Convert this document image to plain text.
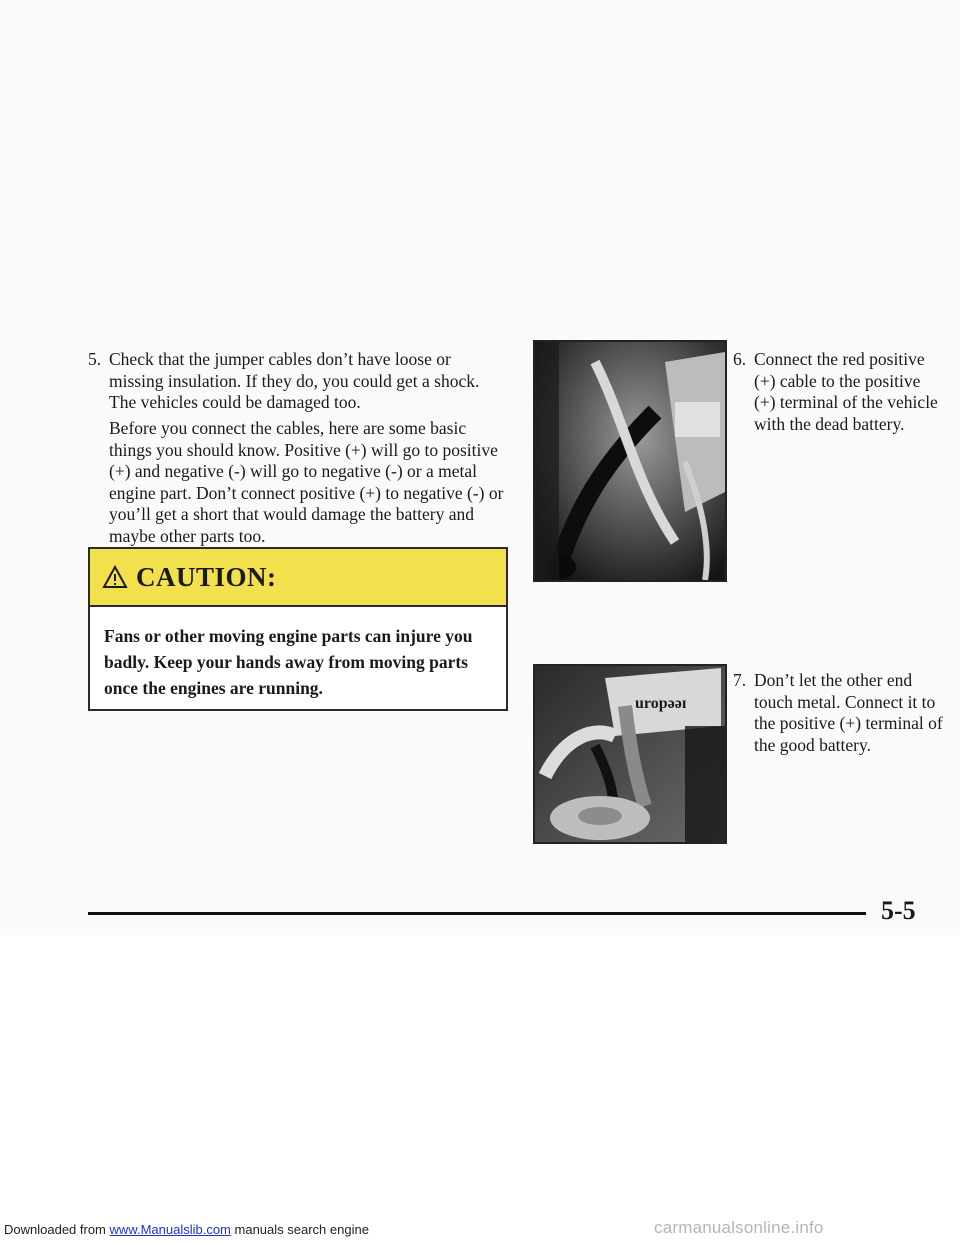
5. Check that the jumper cables don’t have loose or missing insulation. If they do, you could get a shock. The vehicles could be damaged too.
Before you connect the cables, here are some basic things you should know. Positive (+) will go to positive (+) and negative (-) will go to negative (-) or a metal engine part. Don’t connect positive (+) to negative (-) or you’ll get a short that would damage the battery and maybe other parts too.
CAUTION:
Fans or other moving engine parts can injure you badly. Keep your hands away from moving parts once the engines are running.
uropəəɪ
6. Connect the red positive (+) cable to the positive (+) terminal of the vehicle with the dead battery.
7. Don’t let the other end touch metal. Connect it to the positive (+) terminal of the good battery.
5-5
Downloaded from www.Manualslib.com manuals search engine	carmanualsonline.info
